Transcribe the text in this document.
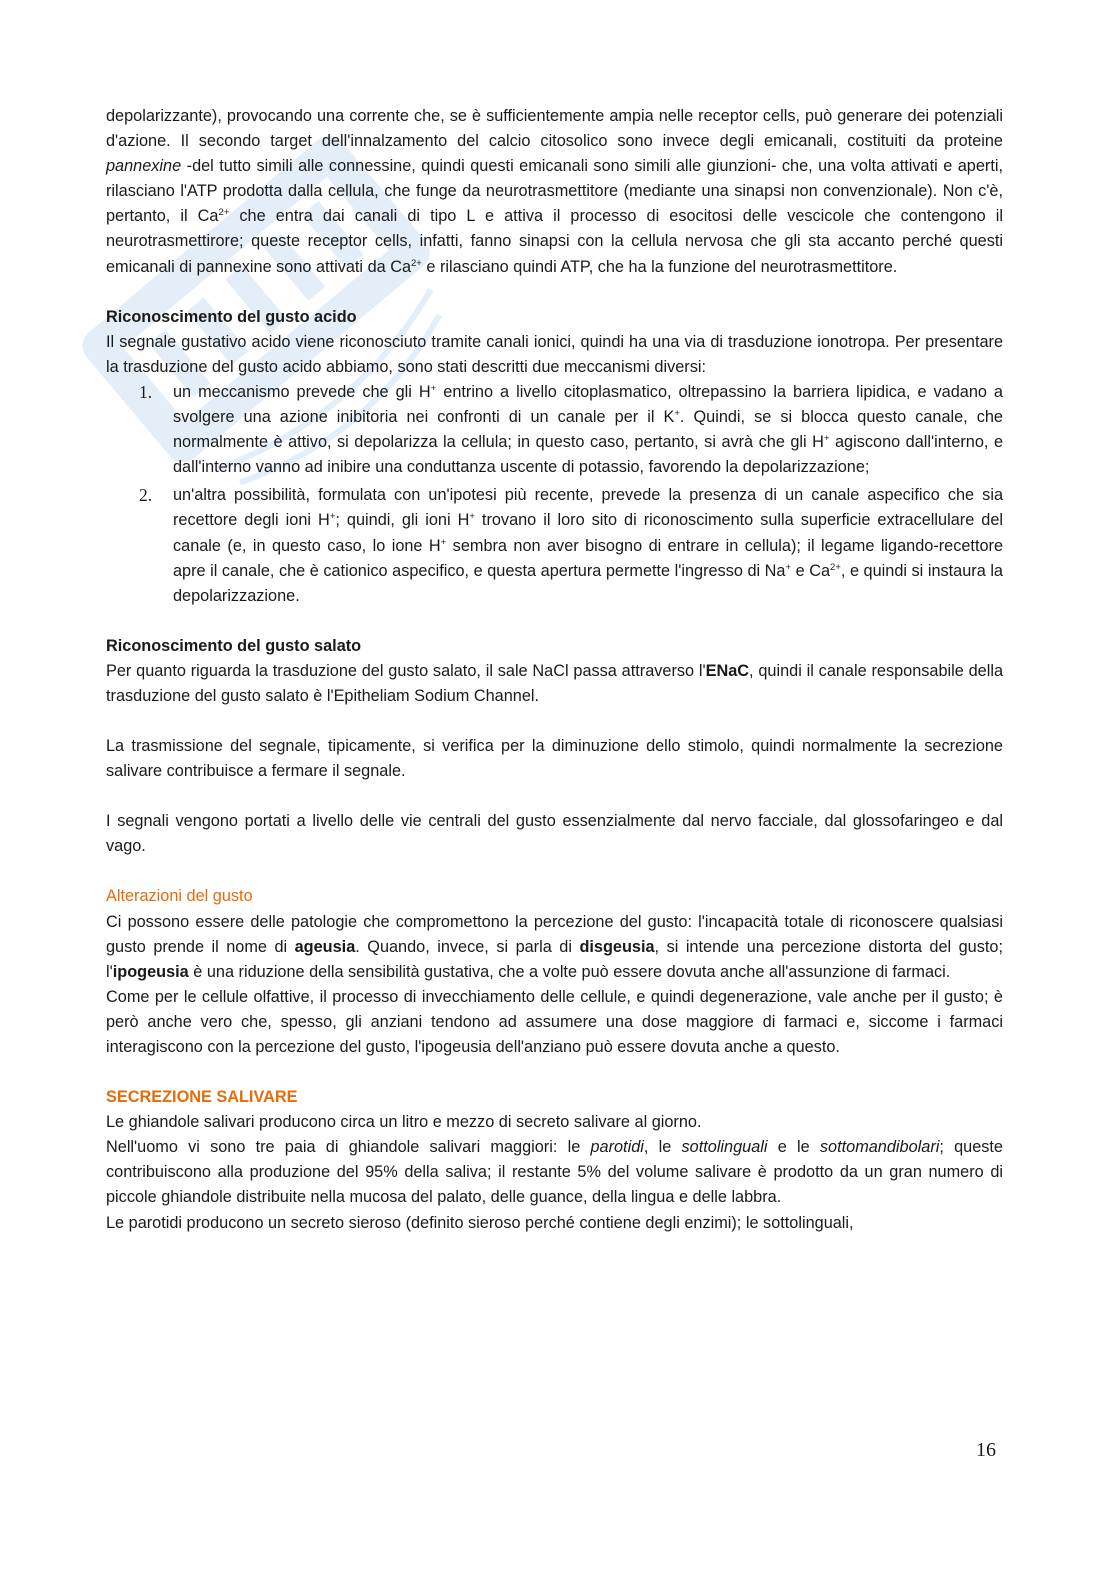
depolarizzante), provocando una corrente che, se è sufficientemente ampia nelle receptor cells, può generare dei potenziali d'azione. Il secondo target dell'innalzamento del calcio citosolico sono invece degli emicanali, costituiti da proteine pannexine -del tutto simili alle connessine, quindi questi emicanali sono simili alle giunzioni- che, una volta attivati e aperti, rilasciano l'ATP prodotta dalla cellula, che funge da neurotrasmettitore (mediante una sinapsi non convenzionale). Non c'è, pertanto, il $Ca^{2+}$ che entra dai canali di tipo L e attiva il processo di esocitosi delle vescicole che contengono il neurotrasmettirore; queste receptor cells, infatti, fanno sinapsi con la cellula nervosa che gli sta accanto perché questi emicanali di pannexine sono attivati da $Ca^{2+}$ e rilasciano quindi ATP, che ha la funzione del neurotrasmettitore.

Riconoscimento del gusto acido

Il segnale gustativo acido viene riconosciuto tramite canali ionici, quindi ha una via di trasduzione ionotropa. Per presentare la trasduzione del gusto acido abbiamo, sono stati descritti due meccanismi diversi:

1. un meccanismo prevede che gli H+ entrino a livello citoplasmatico, oltrepassino la barriera lipidica, e vadano a svolgere una azione inibitoria nei confronti di un canale per il K+. Quindi, se si blocca questo canale, che normalmente è attivo, si depolarizza la cellula; in questo caso, pertanto, si avrà che gli H+ agiscono dall'interno, e dall'interno vanno ad inibire una conduttanza uscente di potassio, favorendo la depolarizzazione;
2. un'altra possibilità, formulata con un'ipotesi più recente, prevede la presenza di un canale aspecifico che sia recettore degli ioni H+; quindi, gli ioni H+ trovano il loro sito di riconoscimento sulla superficie extracellulare del canale (e, in questo caso, lo ione H+ sembra non aver bisogno di entrare in cellula); il legame ligando-recettore apre il canale, che è cationico aspecifico, e questa apertura permette l'ingresso di Na+ e $Ca^{2+}$, e quindi si instaura la depolarizzazione.

Riconoscimento del gusto salato

Per quanto riguarda la trasduzione del gusto salato, il sale NaCl passa attraverso l'ENaC, quindi il canale responsabile della trasduzione del gusto salato è l'Epitheliam Sodium Channel.

La trasmissione del segnale, tipicamente, si verifica per la diminuzione dello stimolo, quindi normalmente la secrezione salivare contribuisce a fermare il segnale.

I segnali vengono portati a livello delle vie centrali del gusto essenzialmente dal nervo facciale, dal glossofaringeo e dal vago.

Alterazioni del gusto

Ci possono essere delle patologie che compromettono la percezione del gusto: l'incapacità totale di riconoscere qualsiasi gusto prende il nome di ageusia. Quando, invece, si parla di disgeusia, si intende una percezione distorta del gusto; l'ipogeusia è una riduzione della sensibilità gustativa, che a volte può essere dovuta anche all'assunzione di farmaci.

Come per le cellule olfattive, il processo di invecchiamento delle cellule, e quindi degenerazione, vale anche per il gusto; è però anche vero che, spesso, gli anziani tendono ad assumere una dose maggiore di farmaci e, siccome i farmaci interagiscono con la percezione del gusto, l'ipogeusia dell'anziano può essere dovuta anche a questo.

SECREZIONE SALIVARE

Le ghiandole salivari producono circa un litro e mezzo di secreto salivare al giorno.

Nell'uomo vi sono tre paia di ghiandole salivari maggiori: le parotidi, le sottolinguali e le sottomandibolari; queste contribuiscono alla produzione del 95% della saliva; il restante 5% del volume salivare è prodotto da un gran numero di piccole ghiandole distribuite nella mucosa del palato, delle guance, della lingua e delle labbra.

Le parotidi producono un secreto sieroso (definito sieroso perché contiene degli enzimi); le sottolinguali,

16
